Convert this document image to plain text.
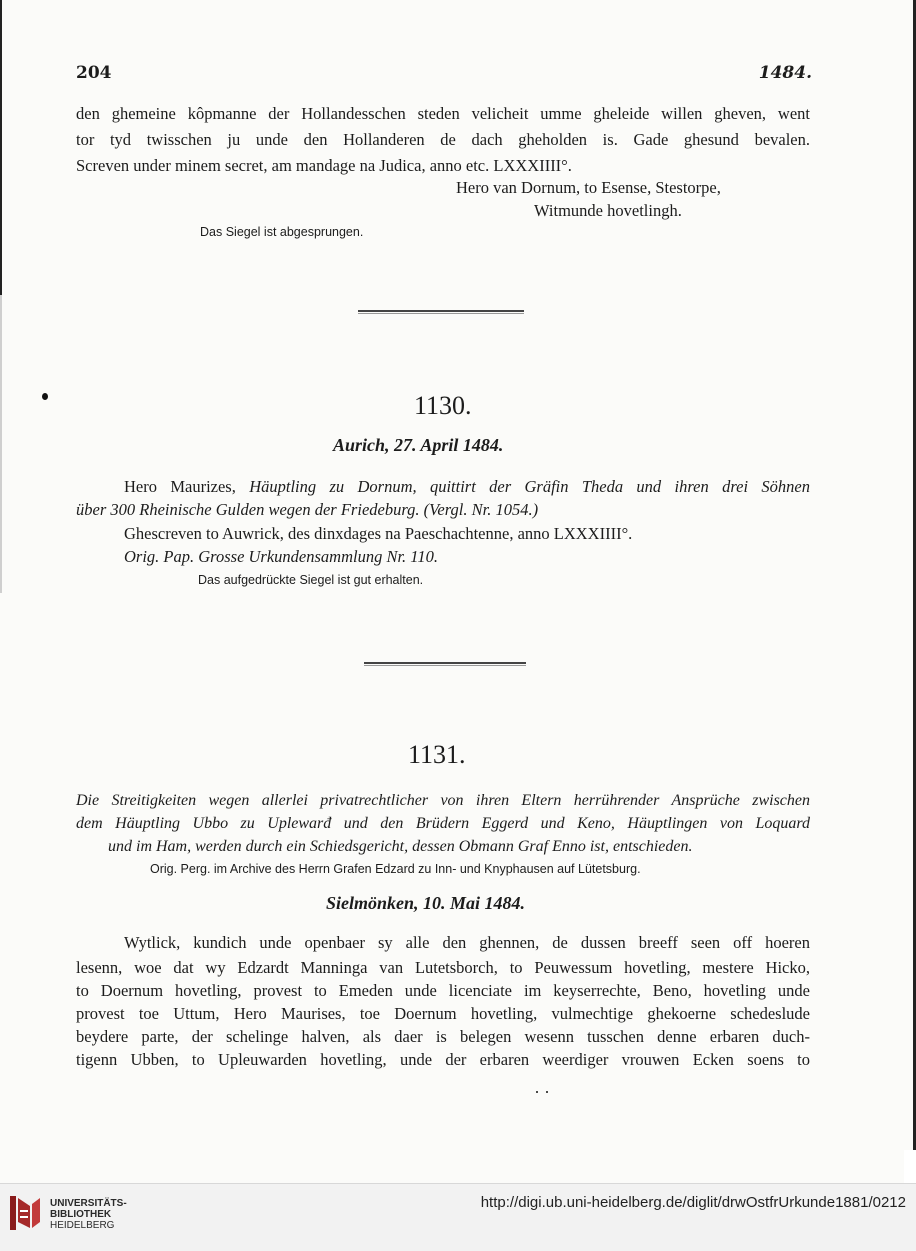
204	1484.
den ghemeine kôpmanne der Hollandesschen steden velicheit umme gheleide willen gheven, went
tor tyd twisschen ju unde den Hollanderen de dach gheholden is. Gade ghesund bevalen.
Screven under minem secret, am mandage na Judica, anno etc. LXXXIIII°.
Hero van Dornum, to Esense, Stestorpe,
Witmunde hovetlingh.
Das Siegel ist abgesprungen.
1130.
Aurich, 27. April 1484.
Hero Maurizes, Häuptling zu Dornum, quittirt der Gräfin Theda und ihren drei Söhnen
über 300 Rheinische Gulden wegen der Friedeburg. (Vergl. Nr. 1054.)
Ghescreven to Auwrick, des dinxdages na Paeschachtenne, anno LXXXIIII°.
Orig. Pap. Grosse Urkundensammlung Nr. 110.
Das aufgedrückte Siegel ist gut erhalten.
1131.
Die Streitigkeiten wegen allerlei privatrechtlicher von ihren Eltern herrührender Ansprüche zwischen
dem Häuptling Ubbo zu Uplewarđ und den Brüdern Eggerd und Keno, Häuptlingen von Loquard
und im Ham, werden durch ein Schiedsgericht, dessen Obmann Graf Enno ist, entschieden.
Orig. Perg. im Archive des Herrn Grafen Edzard zu Inn- und Knyphausen auf Lütetsburg.
Sielmönken, 10. Mai 1484.
Wytlick, kundich unde openbaer sy alle den ghennen, de dussen breeff seen off hoeren
lesenn, woe dat wy Edzardt Manninga van Lutetsborch, to Peuwessum hovetling, mestere Hicko,
to Doernum hovetling, provest to Emeden unde licenciate im keyserrechte, Beno, hovetling unde
provest toe Uttum, Hero Maurises, toe Doernum hovetling, vulmechtige ghekoerne schedeslude
beydere parte, der schelinge halven, als daer is belegen wesenn tusschen denne erbaren duch-
tigenn Ubben, to Upleuwarden hovetling, unde der erbaren weerdiger vrouwen Ecken soens to
UNIVERSITÄTS-
BIBLIOTHEK
HEIDELBERG
http://digi.ub.uni-heidelberg.de/diglit/drwOstfrUrkunde1881/0212
